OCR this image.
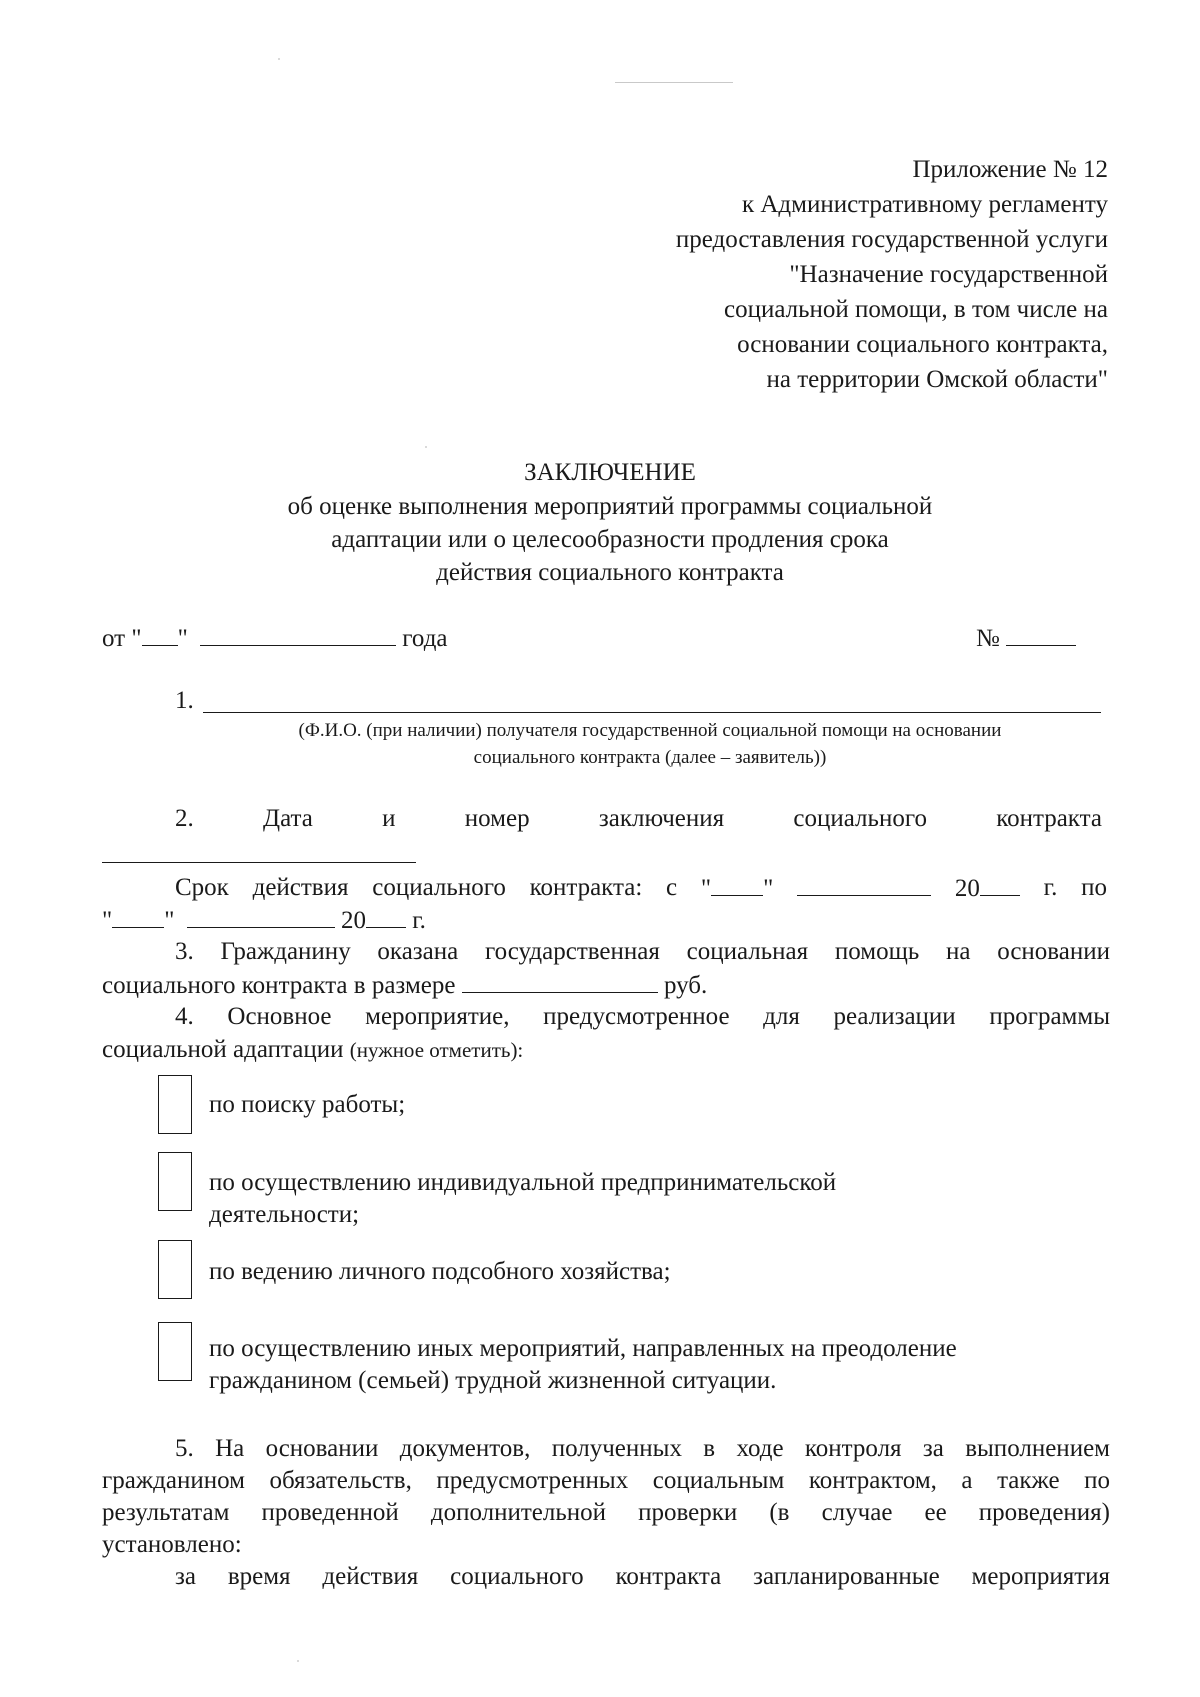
Приложение № 12
к Административному регламенту
предоставления государственной услуги
"Назначение государственной
социальной помощи, в том числе на
основании социального контракта,
на территории Омской области"
ЗАКЛЮЧЕНИЕ
об оценке выполнения мероприятий программы социальной
адаптации или о целесообразности продления срока
действия социального контракта
от " "	года	№
1.
(Ф.И.О. (при наличии) получателя государственной социальной помощи на основании
социального контракта (далее – заявитель))
2.	Дата	и	номер	заключения	социального	контракта
Срок действия социального контракта: с " "	20	г. по
" "	20 г.
3. Гражданину оказана государственная социальная помощь на основании
социального контракта в размере	руб.
4. Основное мероприятие, предусмотренное для реализации программы
социальной адаптации (нужное отметить):
по поиску работы;
по осуществлению индивидуальной предпринимательской
деятельности;
по ведению личного подсобного хозяйства;
по осуществлению иных мероприятий, направленных на преодоление
гражданином (семьей) трудной жизненной ситуации.
5. На основании документов, полученных в ходе контроля за выполнением
гражданином обязательств, предусмотренных социальным контрактом, а также по
результатам проведенной дополнительной проверки (в случае ее проведения)
установлено:
за время действия социального контракта запланированные мероприятия
